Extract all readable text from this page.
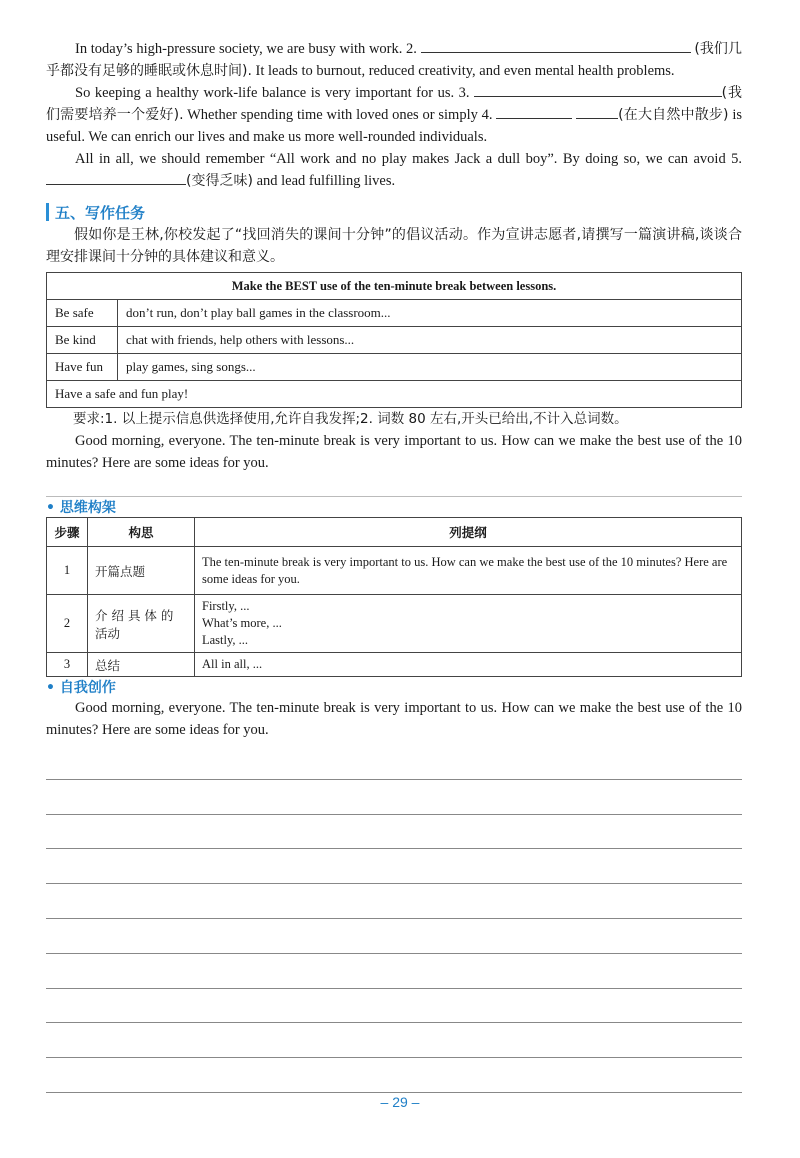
In today’s high-pressure society, we are busy with work. 2.	(我们几乎都没有足够的睡眠或休息时间). It leads to burnout, reduced creativity, and even mental health problems.

So keeping a healthy work-life balance is very important for us. 3.	(我们需要培养一个爱好). Whether spending time with loved ones or simply 4.	(在大自然中散步) is useful. We can enrich our lives and make us more well-rounded individuals.

All in all, we should remember “All work and no play makes Jack a dull boy”. By doing so, we can avoid 5. (变得乏味) and lead fulfilling lives.

五、写作任务

假如你是王林,你校发起了“找回消失的课间十分钟”的倡议活动。作为宣讲志愿者,请撰写一篇演讲稿,谈谈合理安排课间十分钟的具体建议和意义。

Make the BEST use of the ten-minute break between lessons.	
Be safe	don’t run, don’t play ball games in the classroom...
Be kind	chat with friends, help others with lessons...
Have fun	play games, sing songs...
Have a safe and fun play!	

要求:1. 以上提示信息供选择使用,允许自我发挥;2. 词数 80 左右,开头已给出,不计入总词数。

Good morning, everyone. The ten-minute break is very important to us. How can we make the best use of the 10 minutes? Here are some ideas for you.

• 思维构架
步骤	构思	列提纲
1	开篇点题	The ten-minute break is very important to us. How can we make the best use of the 10 minutes? Here are some ideas for you.
2	介 绍 具 体 的 活动	Firstly, ...
What’s more, ...
Lastly, ...

3	总结	All in all, ...
• 自我创作

Good morning, everyone. The ten-minute break is very important to us. How can we make the best use of the 10 minutes? Here are some ideas for you.

– 29 –
